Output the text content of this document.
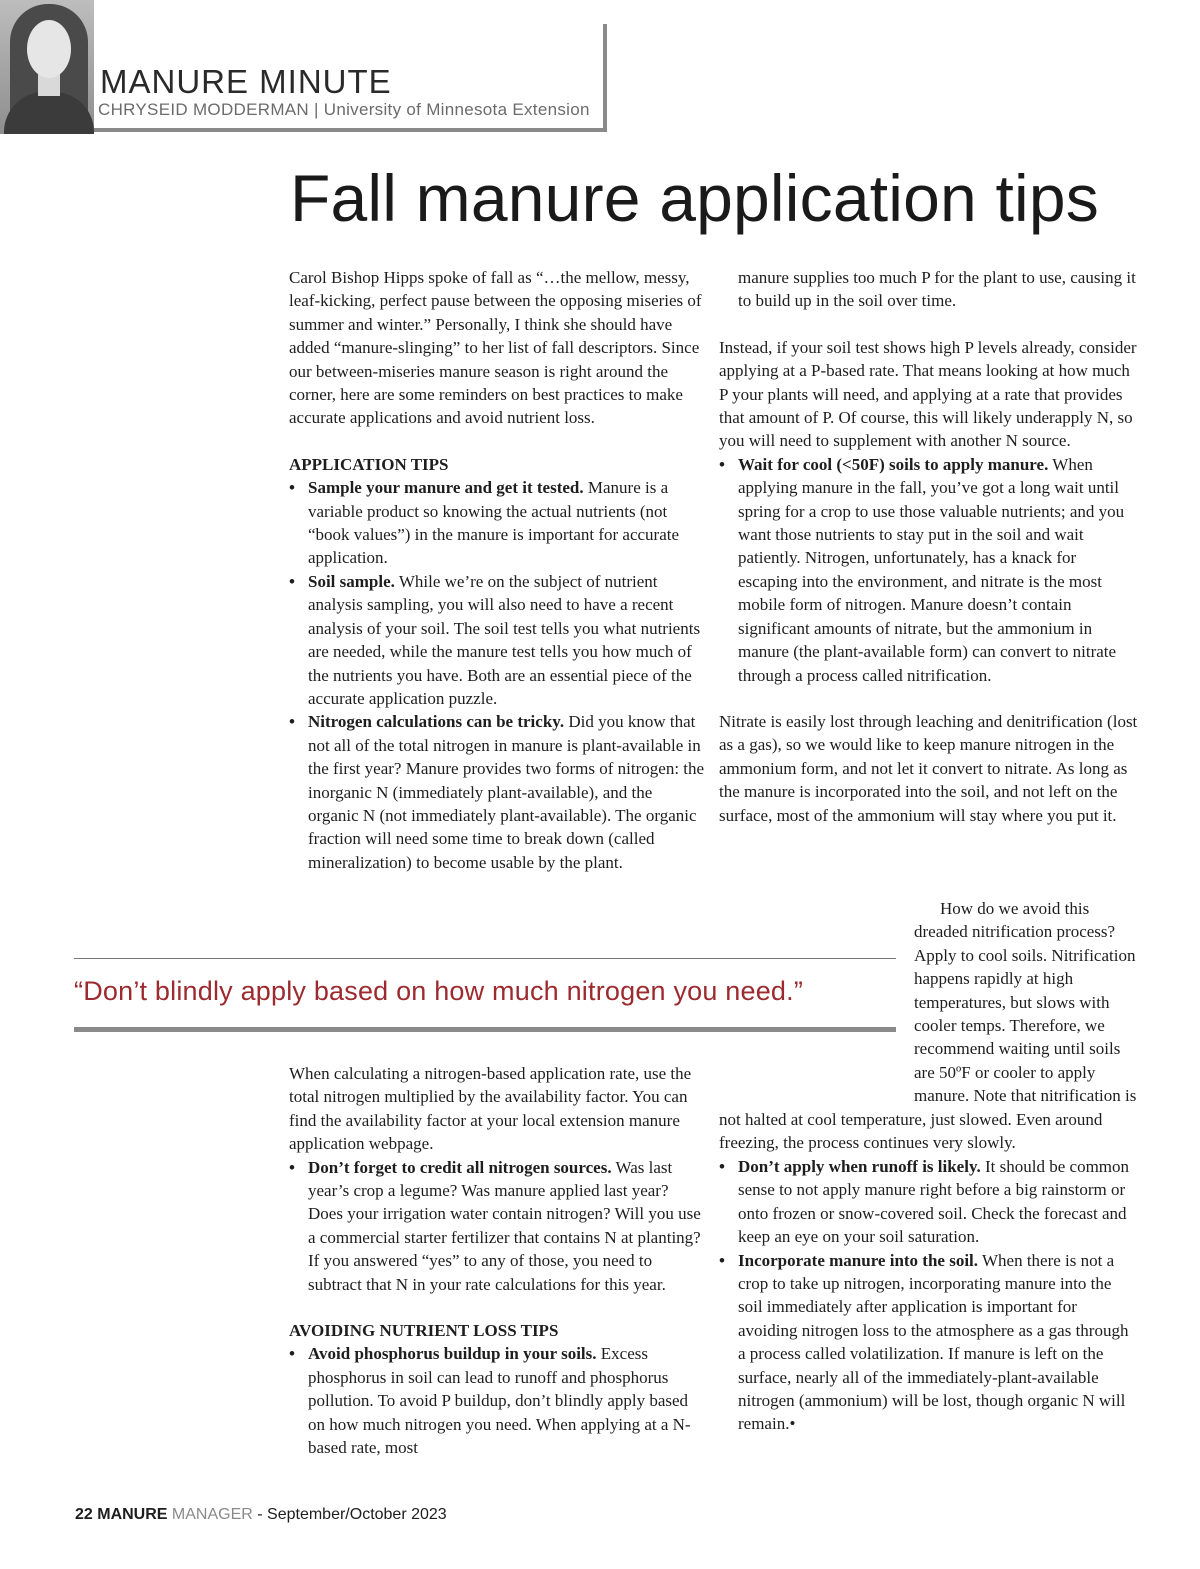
MANURE MINUTE
CHRYSEID MODDERMAN | University of Minnesota Extension
Fall manure application tips

Carol Bishop Hipps spoke of fall as “…the mellow, messy, leaf-kicking, perfect pause between the opposing miseries of summer and winter.” Personally, I think she should have added “manure-slinging” to her list of fall descriptors. Since our between-miseries manure season is right around the corner, here are some reminders on best practices to make accurate applications and avoid nutrient loss.

APPLICATION TIPS

• Sample your manure and get it tested. Manure is a variable product so knowing the actual nutrients (not “book values”) in the manure is important for accurate application.
• Soil sample. While we’re on the subject of nutrient analysis sampling, you will also need to have a recent analysis of your soil. The soil test tells you what nutrients are needed, while the manure test tells you how much of the nutrients you have. Both are an essential piece of the accurate application puzzle.
• Nitrogen calculations can be tricky. Did you know that not all of the total nitrogen in manure is plant-available in the first year? Manure provides two forms of nitrogen: the inorganic N (immediately plant-available), and the organic N (not immediately plant-available). The organic fraction will need some time to break down (called mineralization) to become usable by the plant.

manure supplies too much P for the plant to use, causing it to build up in the soil over time.

Instead, if your soil test shows high P levels already, consider applying at a P-based rate. That means looking at how much P your plants will need, and applying at a rate that provides that amount of P. Of course, this will likely underapply N, so you will need to supplement with another N source.

• Wait for cool (<50F) soils to apply manure. When applying manure in the fall, you’ve got a long wait until spring for a crop to use those valuable nutrients; and you want those nutrients to stay put in the soil and wait patiently. Nitrogen, unfortunately, has a knack for escaping into the environment, and nitrate is the most mobile form of nitrogen. Manure doesn’t contain significant amounts of nitrate, but the ammonium in manure (the plant-available form) can convert to nitrate through a process called nitrification.

Nitrate is easily lost through leaching and denitrification (lost as a gas), so we would like to keep manure nitrogen in the ammonium form, and not let it convert to nitrate. As long as the manure is incorporated into the soil, and not left on the surface, most of the ammonium will stay where you put it.

How do we avoid this dreaded nitrification process? Apply to cool soils. Nitrification happens rapidly at high temperatures, but slows with cooler temps. Therefore, we recommend waiting until soils are 50ºF or cooler to apply manure. Note that nitrification is not halted at cool temperature, just slowed. Even around freezing, the process continues very slowly.

“Don’t blindly apply based on how much nitrogen you need.”

When calculating a nitrogen-based application rate, use the total nitrogen multiplied by the availability factor. You can find the availability factor at your local extension manure application webpage.

• Don’t forget to credit all nitrogen sources. Was last year’s crop a legume? Was manure applied last year? Does your irrigation water contain nitrogen? Will you use a commercial starter fertilizer that contains N at planting? If you answered “yes” to any of those, you need to subtract that N in your rate calculations for this year.

AVOIDING NUTRIENT LOSS TIPS

• Avoid phosphorus buildup in your soils. Excess phosphorus in soil can lead to runoff and phosphorus pollution. To avoid P buildup, don’t blindly apply based on how much nitrogen you need. When applying at a N-based rate, most
• Don’t apply when runoff is likely. It should be common sense to not apply manure right before a big rainstorm or onto frozen or snow-covered soil. Check the forecast and keep an eye on your soil saturation.
• Incorporate manure into the soil. When there is not a crop to take up nitrogen, incorporating manure into the soil immediately after application is important for avoiding nitrogen loss to the atmosphere as a gas through a process called volatilization. If manure is left on the surface, nearly all of the immediately-plant-available nitrogen (ammonium) will be lost, though organic N will remain.•
22 MANURE MANAGER - September/October 2023
